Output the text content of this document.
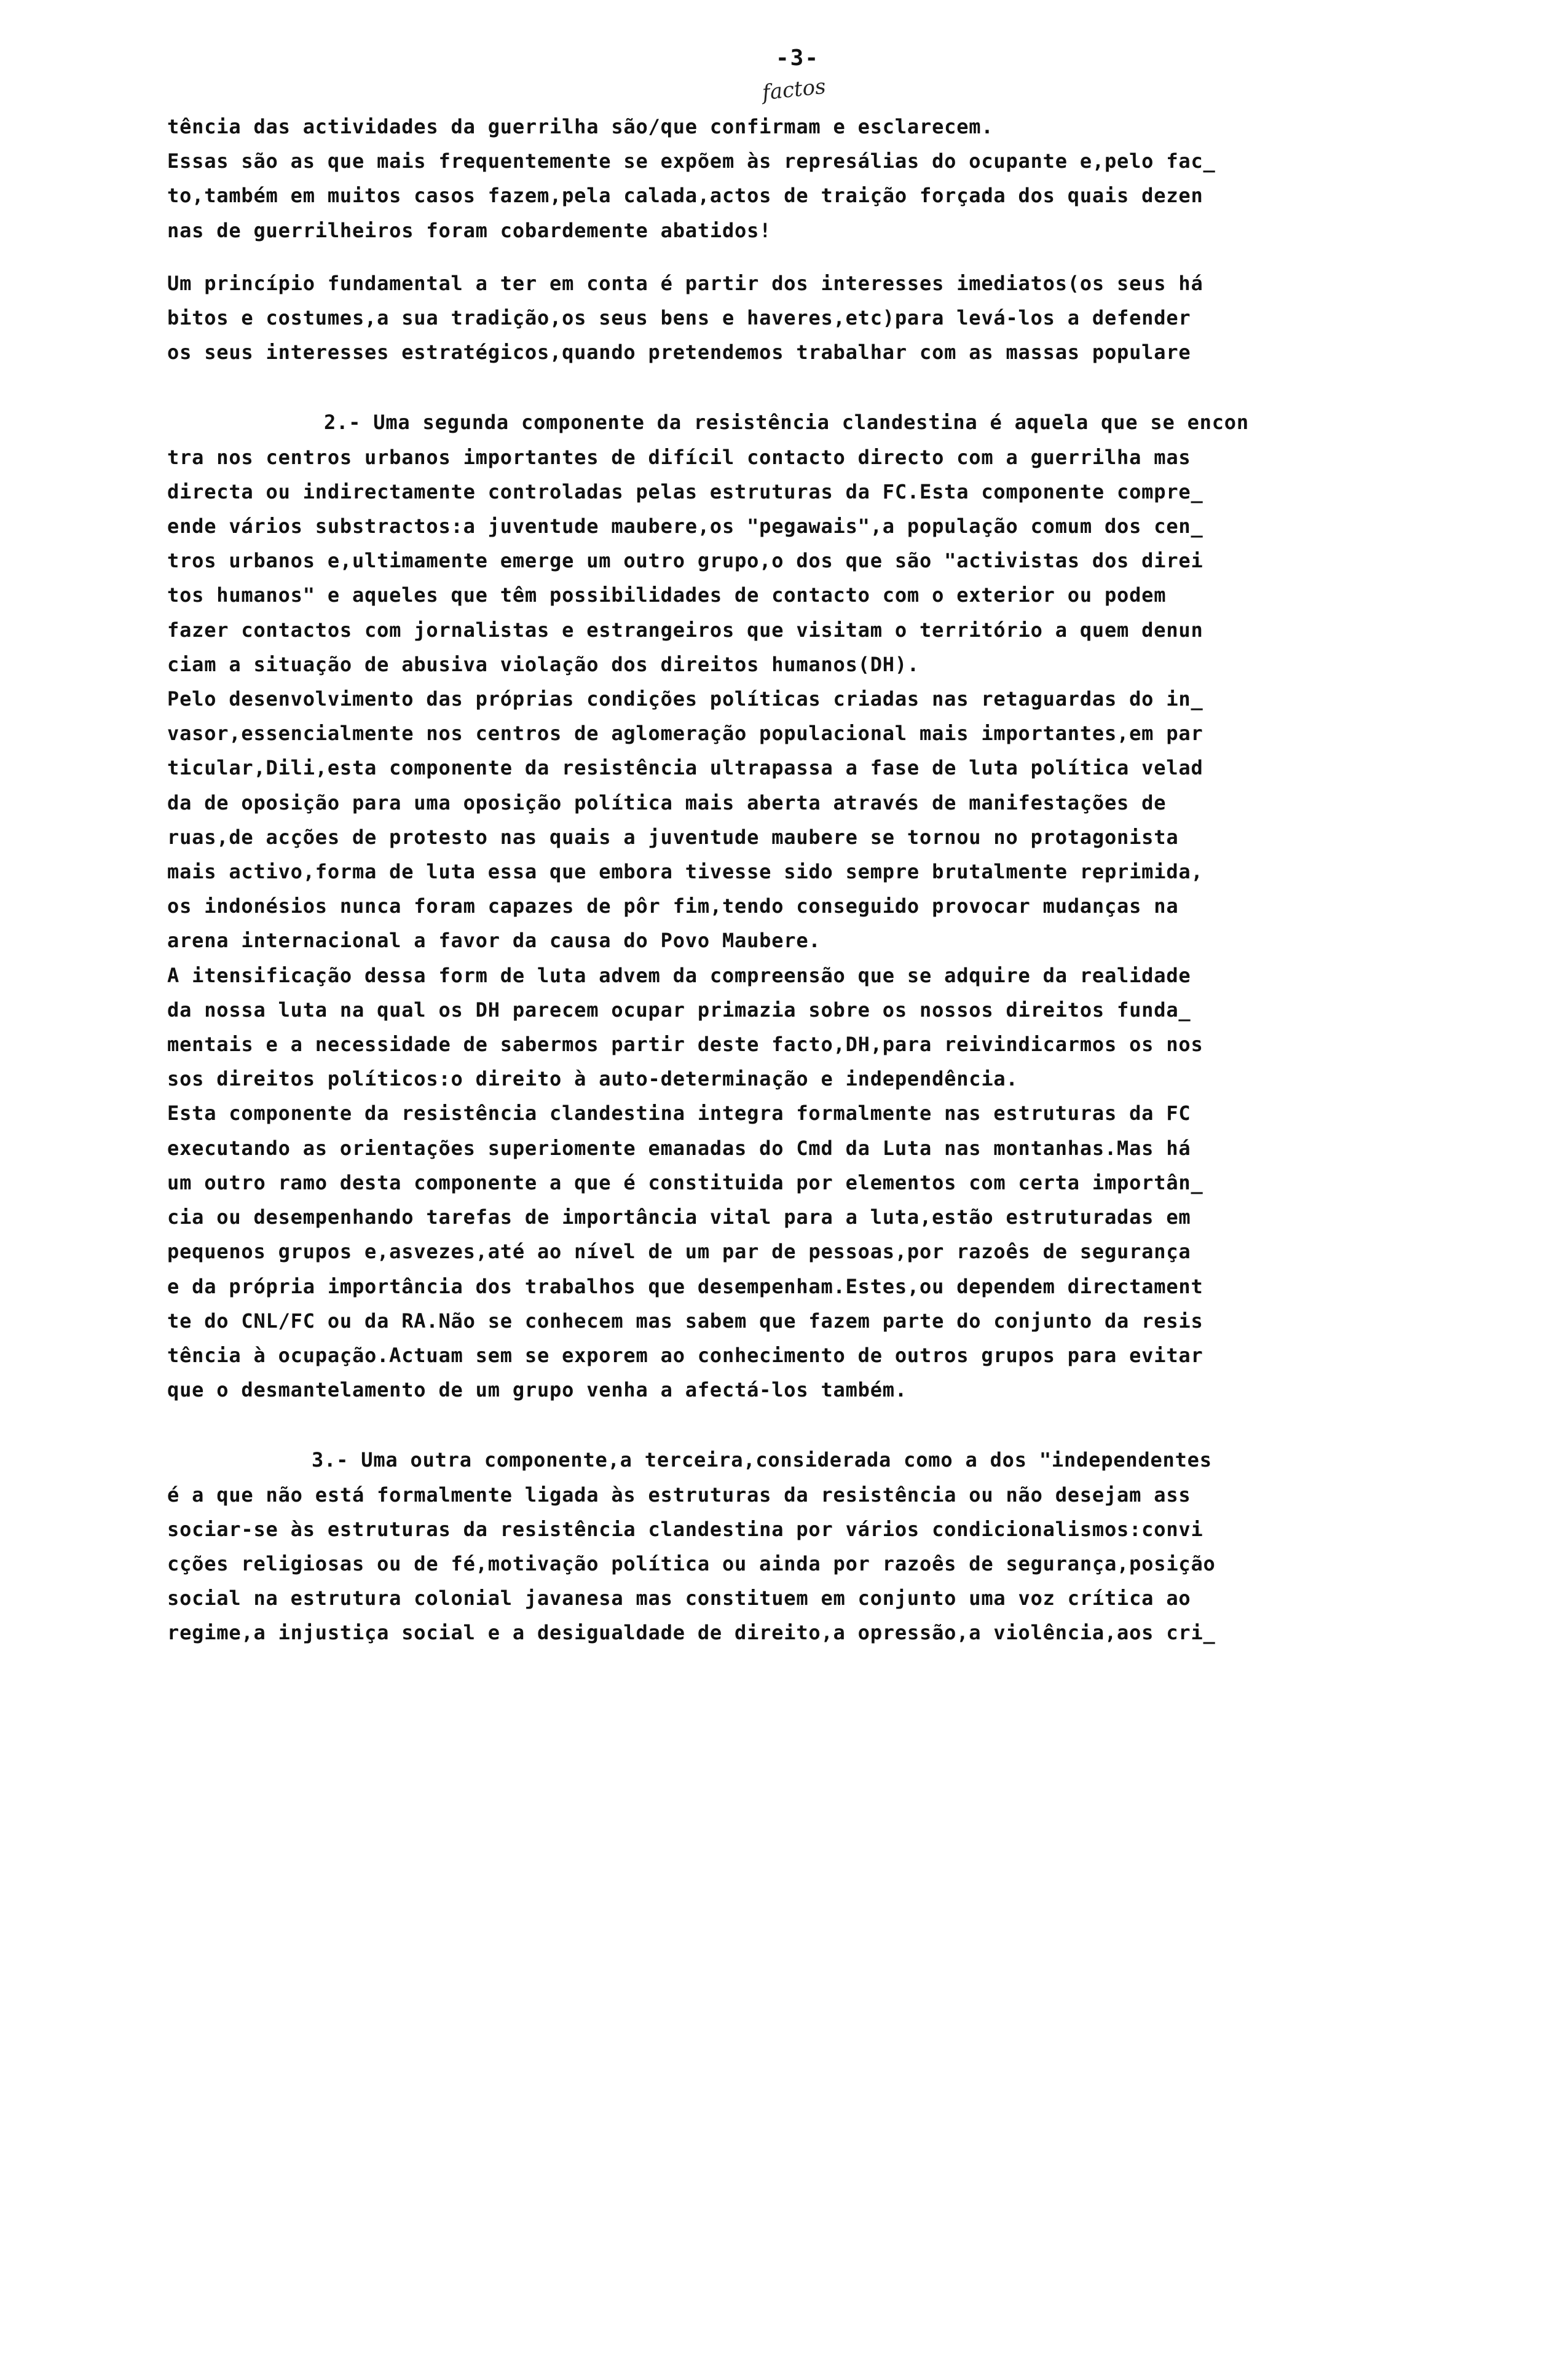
-3-
factos

tência das actividades da guerrilha são/que confirmam e esclarecem.

Essas são as que mais frequentemente se expõem às represálias do ocupante e,pelo fac_

to,também em muitos casos fazem,pela calada,actos de traição forçada dos quais dezen

nas de guerrilheiros foram cobardemente abatidos!

Um princípio fundamental a ter em conta é partir dos interesses imediatos(os seus há

bitos e costumes,a sua tradição,os seus bens e haveres,etc)para levá-los a defender

os seus interesses estratégicos,quando pretendemos trabalhar com as massas populare

2.- Uma segunda componente da resistência clandestina é aquela que se encon

tra nos centros urbanos importantes de difícil contacto directo com a guerrilha mas

directa ou indirectamente controladas pelas estruturas da FC.Esta componente compre_

ende vários substractos:a juventude maubere,os "pegawais",a população comum dos cen_

tros urbanos e,ultimamente emerge um outro grupo,o dos que são "activistas dos direi

tos humanos" e aqueles que têm possibilidades de contacto com o exterior ou podem

fazer contactos com jornalistas e estrangeiros que visitam o território a quem denun

ciam a situação de abusiva violação dos direitos humanos(DH).

Pelo desenvolvimento das próprias condições políticas criadas nas retaguardas do in_

vasor,essencialmente nos centros de aglomeração populacional mais importantes,em par

ticular,Dili,esta componente da resistência ultrapassa a fase de luta política velad

da de oposição para uma oposição política mais aberta através de manifestações de

ruas,de acções de protesto nas quais a juventude maubere se tornou no protagonista

mais activo,forma de luta essa que embora tivesse sido sempre brutalmente reprimida,

os indonésios nunca foram capazes de pôr fim,tendo conseguido provocar mudanças na

arena internacional a favor da causa do Povo Maubere.

A itensificação dessa form de luta advem da compreensão que se adquire da realidade

da nossa luta na qual os DH parecem ocupar primazia sobre os nossos direitos funda_

mentais e a necessidade de sabermos partir deste facto,DH,para reivindicarmos os nos

sos direitos políticos:o direito à auto-determinação e independência.

Esta componente da resistência clandestina integra formalmente nas estruturas da FC

executando as orientações superiomente emanadas do Cmd da Luta nas montanhas.Mas há

um outro ramo desta componente a que é constituida por elementos com certa importân_

cia ou desempenhando tarefas de importância vital para a luta,estão estruturadas em

pequenos grupos e,asvezes,até ao nível de um par de pessoas,por razoês de segurança

e da própria importância dos trabalhos que desempenham.Estes,ou dependem directament

te do CNL/FC ou da RA.Não se conhecem mas sabem que fazem parte do conjunto da resis

tência à ocupação.Actuam sem se exporem ao conhecimento de outros grupos para evitar

que o desmantelamento de um grupo venha a afectá-los também.

3.- Uma outra componente,a terceira,considerada como a dos "independentes

é a que não está formalmente ligada às estruturas da resistência ou não desejam ass

sociar-se às estruturas da resistência clandestina por vários condicionalismos:convi

cções religiosas ou de fé,motivação política ou ainda por razoês de segurança,posição

social na estrutura colonial javanesa mas constituem em conjunto uma voz crítica ao

regime,a injustiça social e a desigualdade de direito,a opressão,a violência,aos cri_
